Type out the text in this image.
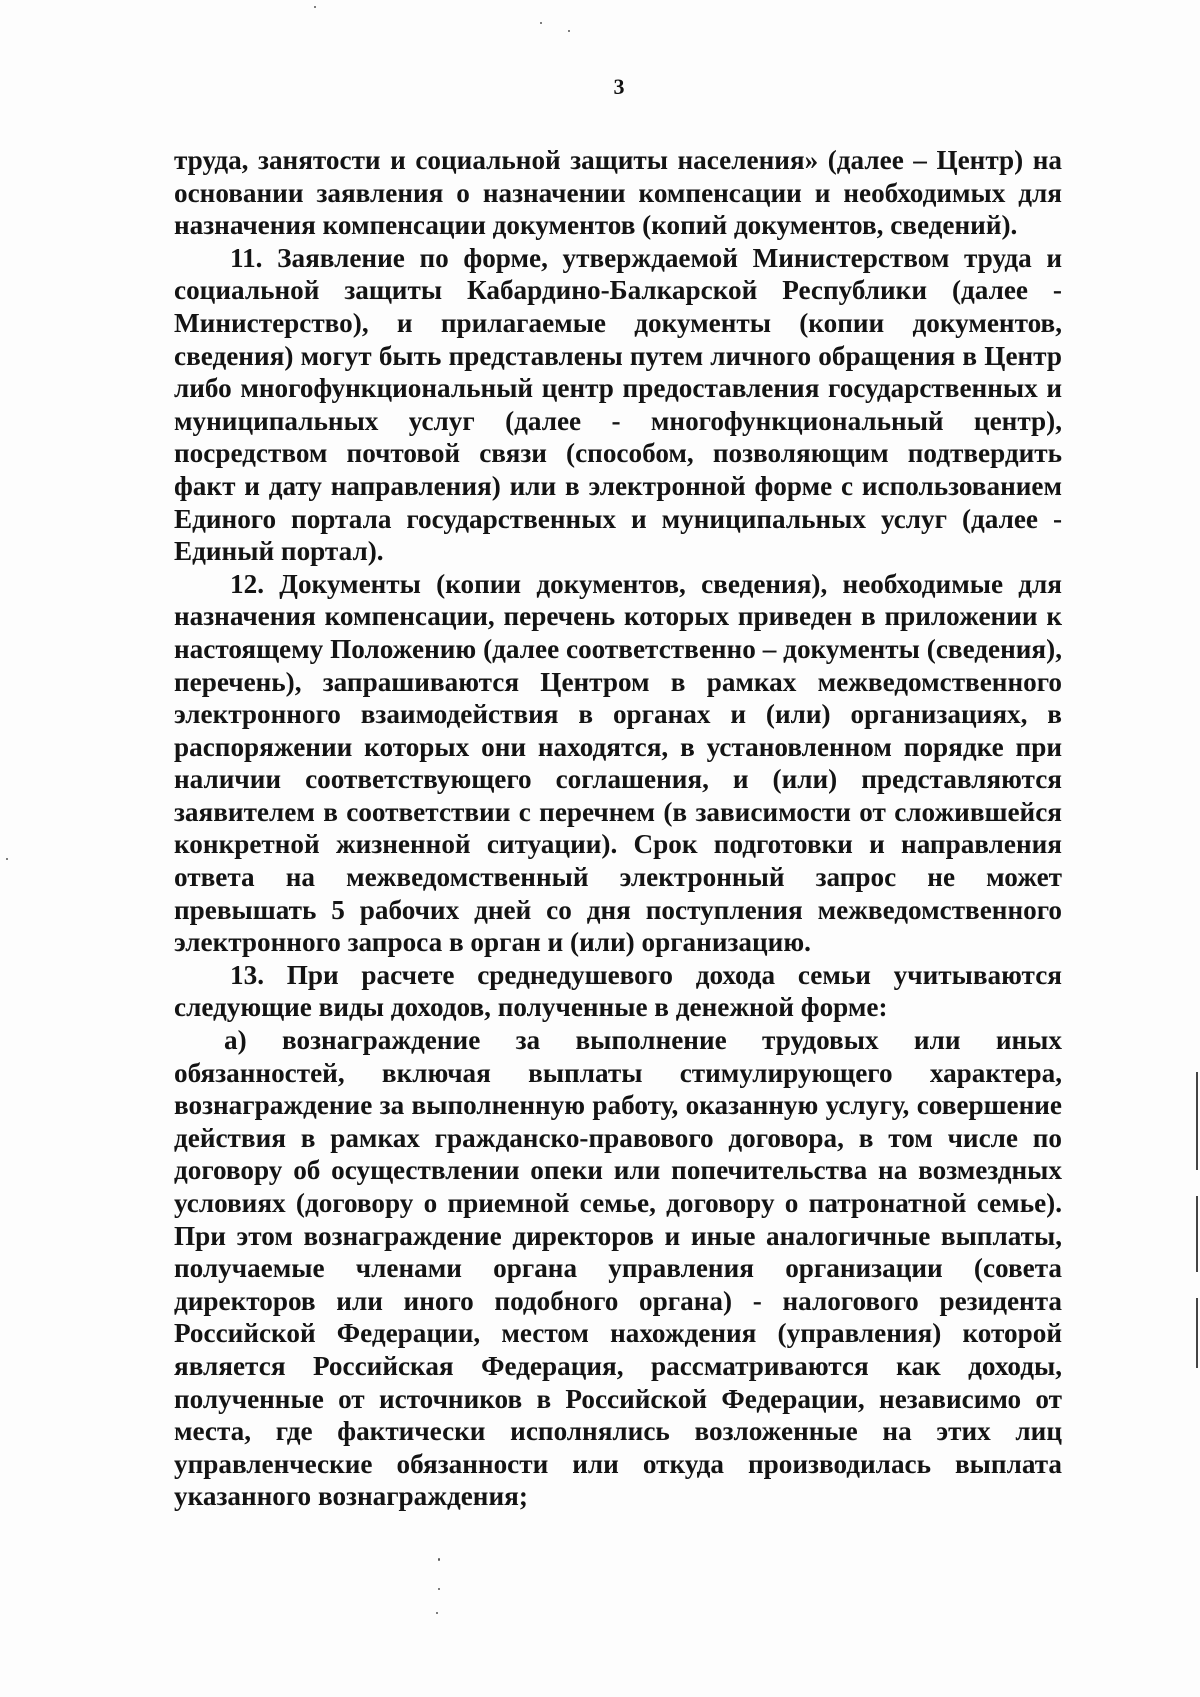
3

труда, занятости и социальной защиты населения» (далее – Центр) на основании заявления о назначении компенсации и необходимых для назначения компенсации документов (копий документов, сведений).

11. Заявление по форме, утверждаемой Министерством труда и социальной защиты Кабардино-Балкарской Республики (далее - Министерство), и прилагаемые документы (копии документов, сведения) могут быть представлены путем личного обращения в Центр либо многофункциональный центр предоставления государственных и муниципальных услуг (далее - многофункциональный центр), посредством почтовой связи (способом, позволяющим подтвердить факт и дату направления) или в электронной форме с использованием Единого портала государственных и муниципальных услуг (далее - Единый портал).

12. Документы (копии документов, сведения), необходимые для назначения компенсации, перечень которых приведен в приложении к настоящему Положению (далее соответственно – документы (сведения), перечень), запрашиваются Центром в рамках межведомственного электронного взаимодействия в органах и (или) организациях, в распоряжении которых они находятся, в установленном порядке при наличии соответствующего соглашения, и (или) представляются заявителем в соответствии с перечнем (в зависимости от сложившейся конкретной жизненной ситуации). Срок подготовки и направления ответа на межведомственный электронный запрос не может превышать 5 рабочих дней со дня поступления межведомственного электронного запроса в орган и (или) организацию.

13. При расчете среднедушевого дохода семьи учитываются следующие виды доходов, полученные в денежной форме:

а) вознаграждение за выполнение трудовых или иных обязанностей, включая выплаты стимулирующего характера, вознаграждение за выполненную работу, оказанную услугу, совершение действия в рамках гражданско-правового договора, в том числе по договору об осуществлении опеки или попечительства на возмездных условиях (договору о приемной семье, договору о патронатной семье). При этом вознаграждение директоров и иные аналогичные выплаты, получаемые членами органа управления организации (совета директоров или иного подобного органа) - налогового резидента Российской Федерации, местом нахождения (управления) которой является Российская Федерация, рассматриваются как доходы, полученные от источников в Российской Федерации, независимо от места, где фактически исполнялись возложенные на этих лиц управленческие обязанности или откуда производилась выплата указанного вознаграждения;
